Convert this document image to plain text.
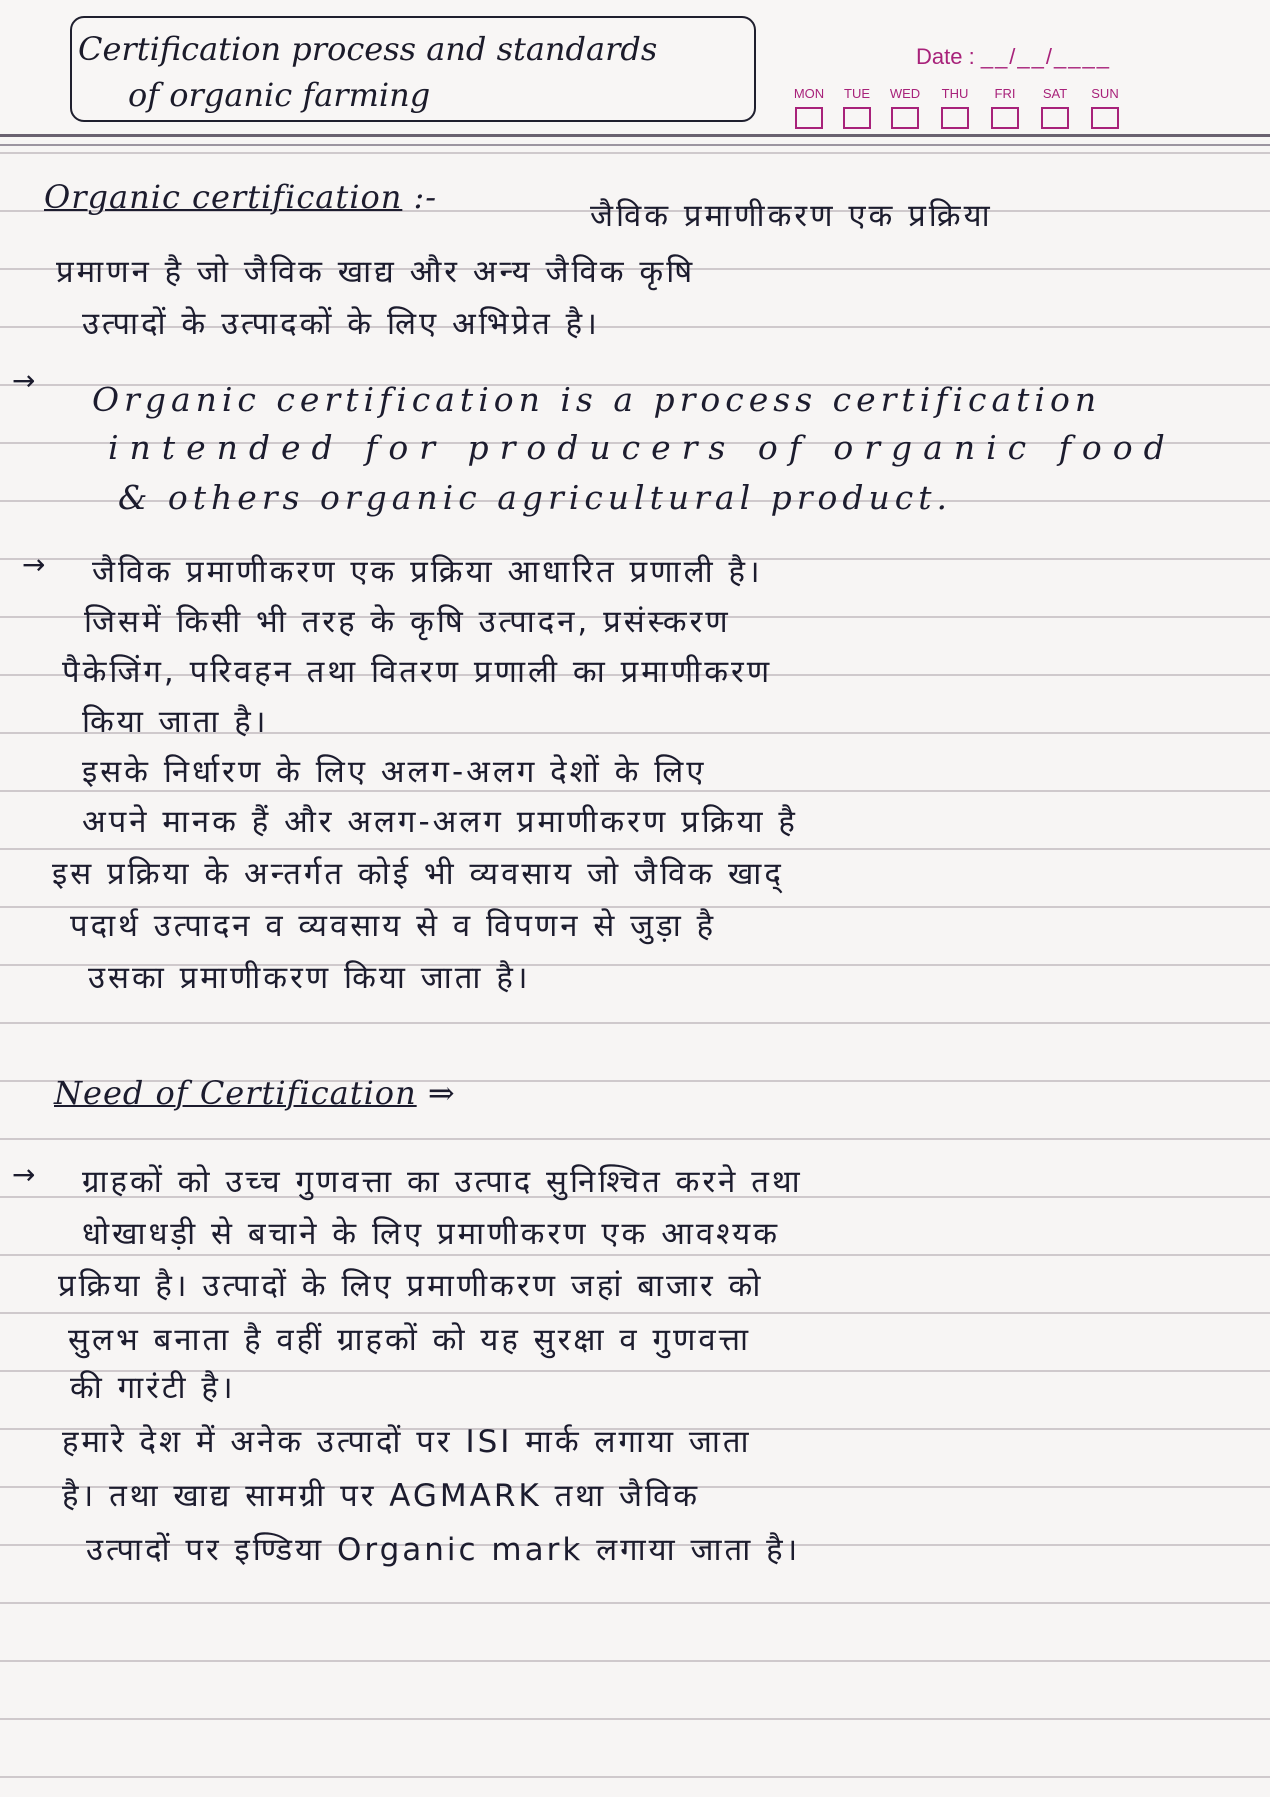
Certification process and standards
of organic farming
Date : __/__/____
MON	TUE	WED	THU	FRI	SAT	SUN
Organic certification :-	जैविक प्रमाणीकरण एक प्रक्रिया
प्रमाणन है जो जैविक खाद्य और अन्य जैविक कृषि
उत्पादों के उत्पादकों के लिए अभिप्रेत है।
→ Organic certification is a process certification
intended for producers of organic food
& others organic agricultural product.
→ जैविक प्रमाणीकरण एक प्रक्रिया आधारित प्रणाली है।
जिसमें किसी भी तरह के कृषि उत्पादन, प्रसंस्करण
पैकेजिंग, परिवहन तथा वितरण प्रणाली का प्रमाणीकरण
किया जाता है।
इसके निर्धारण के लिए अलग-अलग देशों के लिए
अपने मानक हैं और अलग-अलग प्रमाणीकरण प्रक्रिया है
इस प्रक्रिया के अन्तर्गत कोई भी व्यवसाय जो जैविक खाद्
पदार्थ उत्पादन व व्यवसाय से व विपणन से जुड़ा है
उसका प्रमाणीकरण किया जाता है।
Need of Certification ⇒
→ ग्राहकों को उच्च गुणवत्ता का उत्पाद सुनिश्चित करने तथा
धोखाधड़ी से बचाने के लिए प्रमाणीकरण एक आवश्यक
प्रक्रिया है। उत्पादों के लिए प्रमाणीकरण जहां बाजार को
सुलभ बनाता है वहीं ग्राहकों को यह सुरक्षा व गुणवत्ता
की गारंटी है।
हमारे देश में अनेक उत्पादों पर ISI मार्क लगाया जाता
है। तथा खाद्य सामग्री पर AGMARK तथा जैविक
उत्पादों पर इण्डिया Organic mark लगाया जाता है।
